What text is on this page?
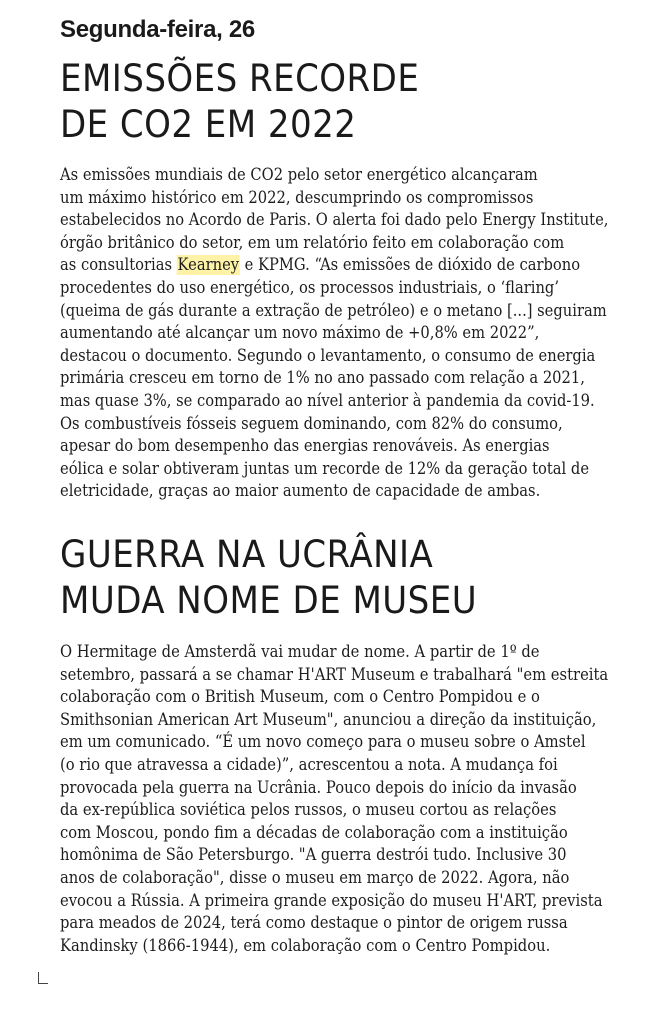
Segunda-feira, 26
EMISSÕES RECORDE
DE CO2 EM 2022
As emissões mundiais de CO2 pelo setor energético alcançaram
um máximo histórico em 2022, descumprindo os compromissos
estabelecidos no Acordo de Paris. O alerta foi dado pelo Energy Institute,
órgão britânico do setor, em um relatório feito em colaboração com
as consultorias Kearney e KPMG. “As emissões de dióxido de carbono
procedentes do uso energético, os processos industriais, o ‘flaring’
(queima de gás durante a extração de petróleo) e o metano [...] seguiram
aumentando até alcançar um novo máximo de +0,8% em 2022”,
destacou o documento. Segundo o levantamento, o consumo de energia
primária cresceu em torno de 1% no ano passado com relação a 2021,
mas quase 3%, se comparado ao nível anterior à pandemia da covid-19.
Os combustíveis fósseis seguem dominando, com 82% do consumo,
apesar do bom desempenho das energias renováveis. As energias
eólica e solar obtiveram juntas um recorde de 12% da geração total de
eletricidade, graças ao maior aumento de capacidade de ambas.
GUERRA NA UCRÂNIA
MUDA NOME DE MUSEU
O Hermitage de Amsterdã vai mudar de nome. A partir de 1º de
setembro, passará a se chamar H'ART Museum e trabalhará "em estreita
colaboração com o British Museum, com o Centro Pompidou e o
Smithsonian American Art Museum", anunciou a direção da instituição,
em um comunicado. “É um novo começo para o museu sobre o Amstel
(o rio que atravessa a cidade)”, acrescentou a nota. A mudança foi
provocada pela guerra na Ucrânia. Pouco depois do início da invasão
da ex-república soviética pelos russos, o museu cortou as relações
com Moscou, pondo fim a décadas de colaboração com a instituição
homônima de São Petersburgo. "A guerra destrói tudo. Inclusive 30
anos de colaboração", disse o museu em março de 2022. Agora, não
evocou a Rússia. A primeira grande exposição do museu H'ART, prevista
para meados de 2024, terá como destaque o pintor de origem russa
Kandinsky (1866-1944), em colaboração com o Centro Pompidou.
